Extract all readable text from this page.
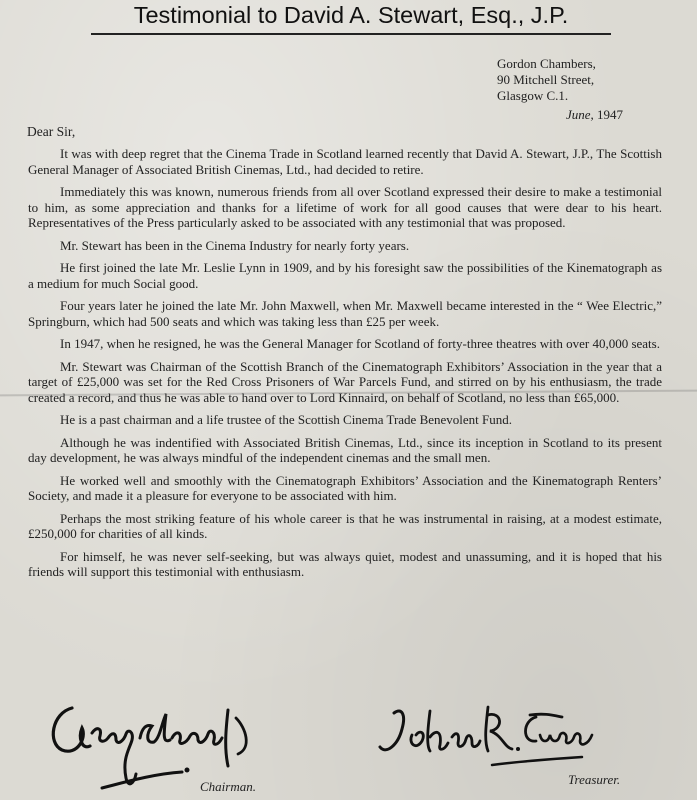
Testimonial to David A. Stewart, Esq., J.P.
Gordon Chambers,
90 Mitchell Street,
Glasgow C.1.
June, 1947
Dear Sir,

It was with deep regret that the Cinema Trade in Scotland learned recently that David A. Stewart, J.P., The Scottish General Manager of Associated British Cinemas, Ltd., had decided to retire.

Immediately this was known, numerous friends from all over Scotland expressed their desire to make a testimonial to him, as some appreciation and thanks for a lifetime of work for all good causes that were dear to his heart. Representatives of the Press particularly asked to be associated with any testimonial that was proposed.

Mr. Stewart has been in the Cinema Industry for nearly forty years.

He first joined the late Mr. Leslie Lynn in 1909, and by his foresight saw the possibilities of the Kinematograph as a medium for much Social good.

Four years later he joined the late Mr. John Maxwell, when Mr. Maxwell became interested in the “ Wee Electric,” Springburn, which had 500 seats and which was taking less than £25 per week.

In 1947, when he resigned, he was the General Manager for Scotland of forty-three theatres with over 40,000 seats.

Mr. Stewart was Chairman of the Scottish Branch of the Cinematograph Exhibitors’ Association in the year that a target of £25,000 was set for the Red Cross Prisoners of War Parcels Fund, and stirred on by his enthusiasm, the trade created a record, and thus he was able to hand over to Lord Kinnaird, on behalf of Scotland, no less than £65,000.

He is a past chairman and a life trustee of the Scottish Cinema Trade Benevolent Fund.

Although he was indentified with Associated British Cinemas, Ltd., since its inception in Scotland to its present day development, he was always mindful of the independent cinemas and the small men.

He worked well and smoothly with the Cinematograph Exhibitors’ Association and the Kinematograph Renters’ Society, and made it a pleasure for everyone to be associated with him.

Perhaps the most striking feature of his whole career is that he was instrumental in raising, at a modest estimate, £250,000 for charities of all kinds.

For himself, he was never self-seeking, but was always quiet, modest and unassuming, and it is hoped that his friends will support this testimonial with enthusiasm.

Chairman.	Treasurer.
